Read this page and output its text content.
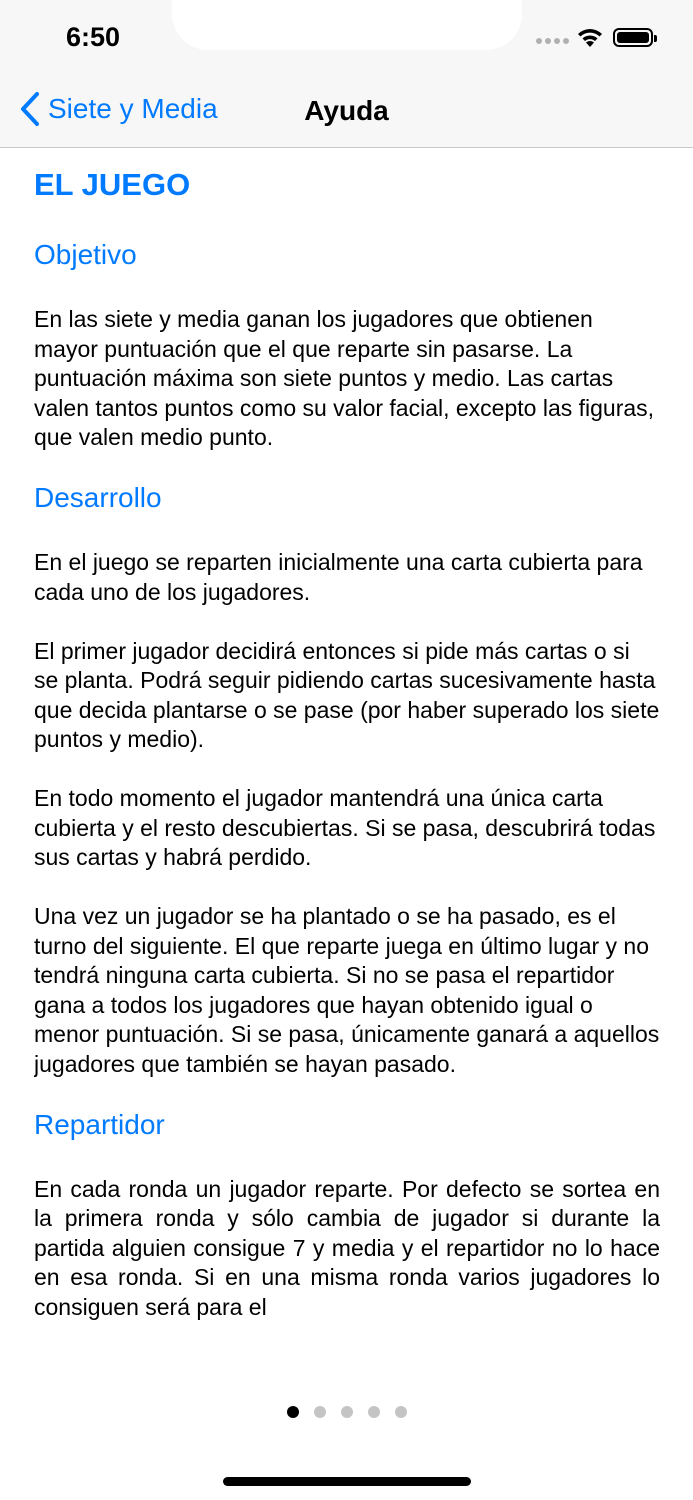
6:50
Siete y Media	Ayuda
EL JUEGO
Objetivo

En las siete y media ganan los jugadores que obtienen mayor puntuación que el que reparte sin pasarse. La puntuación máxima son siete puntos y medio. Las cartas valen tantos puntos como su valor facial, excepto las figuras, que valen medio punto.

Desarrollo

En el juego se reparten inicialmente una carta cubierta para cada uno de los jugadores.

El primer jugador decidirá entonces si pide más cartas o si se planta. Podrá seguir pidiendo cartas sucesivamente hasta que decida plantarse o se pase (por haber superado los siete puntos y medio).

En todo momento el jugador mantendrá una única carta cubierta y el resto descubiertas. Si se pasa, descubrirá todas sus cartas y habrá perdido.

Una vez un jugador se ha plantado o se ha pasado, es el turno del siguiente. El que reparte juega en último lugar y no tendrá ninguna carta cubierta. Si no se pasa el repartidor gana a todos los jugadores que hayan obtenido igual o menor puntuación. Si se pasa, únicamente ganará a aquellos jugadores que también se hayan pasado.

Repartidor

En cada ronda un jugador reparte. Por defecto se sortea en la primera ronda y sólo cambia de jugador si durante la partida alguien consigue 7 y media y el repartidor no lo hace en esa ronda. Si en una misma ronda varios jugadores lo consiguen será para el
